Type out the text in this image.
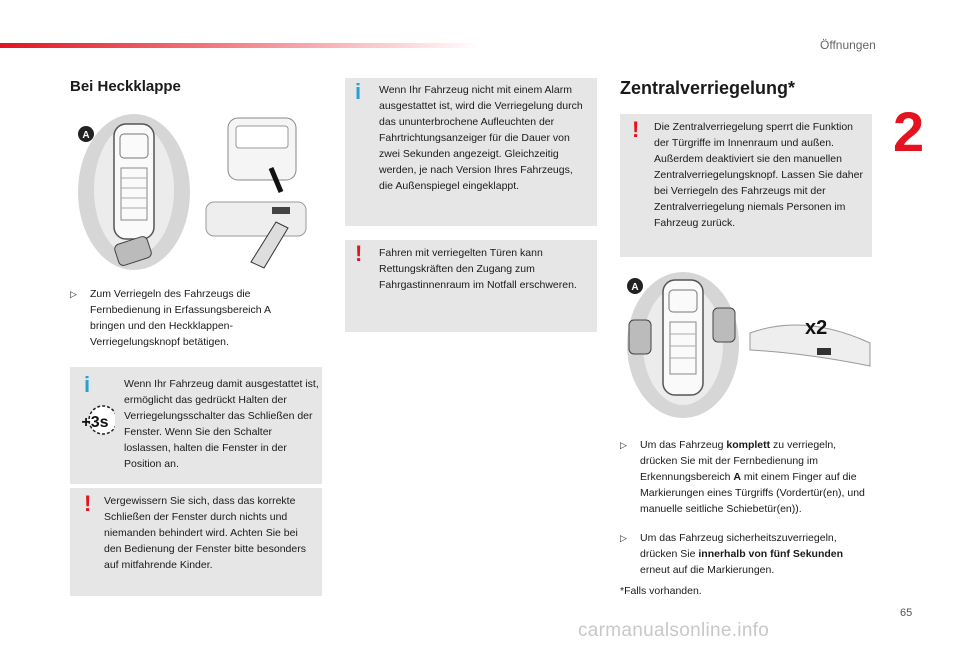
Öffnungen
2
Bei Heckklappe
A
▷ Zum Verriegeln des Fahrzeugs die Fernbedienung in Erfassungsbereich A bringen und den Heckklappen-Verriegelungsknopf betätigen.
i
+3s

Wenn Ihr Fahrzeug damit ausgestattet ist, ermöglicht das gedrückt Halten der Verriegelungsschalter das Schließen der Fenster. Wenn Sie den Schalter loslassen, halten die Fenster in der Position an.

! Vergewissern Sie sich, dass das korrekte Schließen der Fenster durch nichts und niemanden behindert wird. Achten Sie bei den Bedienung der Fenster bitte besonders auf mitfahrende Kinder.

i Wenn Ihr Fahrzeug nicht mit einem Alarm ausgestattet ist, wird die Verriegelung durch das ununterbrochene Aufleuchten der Fahrtrichtungsanzeiger für die Dauer von zwei Sekunden angezeigt. Gleichzeitig werden, je nach Version Ihres Fahrzeugs, die Außenspiegel eingeklappt.

! Fahren mit verriegelten Türen kann Rettungskräften den Zugang zum Fahrgastinnenraum im Notfall erschweren.

Zentralverriegelung*
! Die Zentralverriegelung sperrt die Funktion der Türgriffe im Innenraum und außen. Außerdem deaktiviert sie den manuellen Zentralverriegelungsknopf. Lassen Sie daher bei Verriegeln des Fahrzeugs mit der Zentralverriegelung niemals Personen im Fahrzeug zurück.

A
x2
▷ Um das Fahrzeug komplett zu verriegeln, drücken Sie mit der Fernbedienung im Erkennungsbereich A mit einem Finger auf die Markierungen eines Türgriffs (Vordertür(en), und manuelle seitliche Schiebetür(en)).
▷ Um das Fahrzeug sicherheitszuverriegeln, drücken Sie innerhalb von fünf Sekunden erneut auf die Markierungen.
*Falls vorhanden.
65
carmanualsonline.info
